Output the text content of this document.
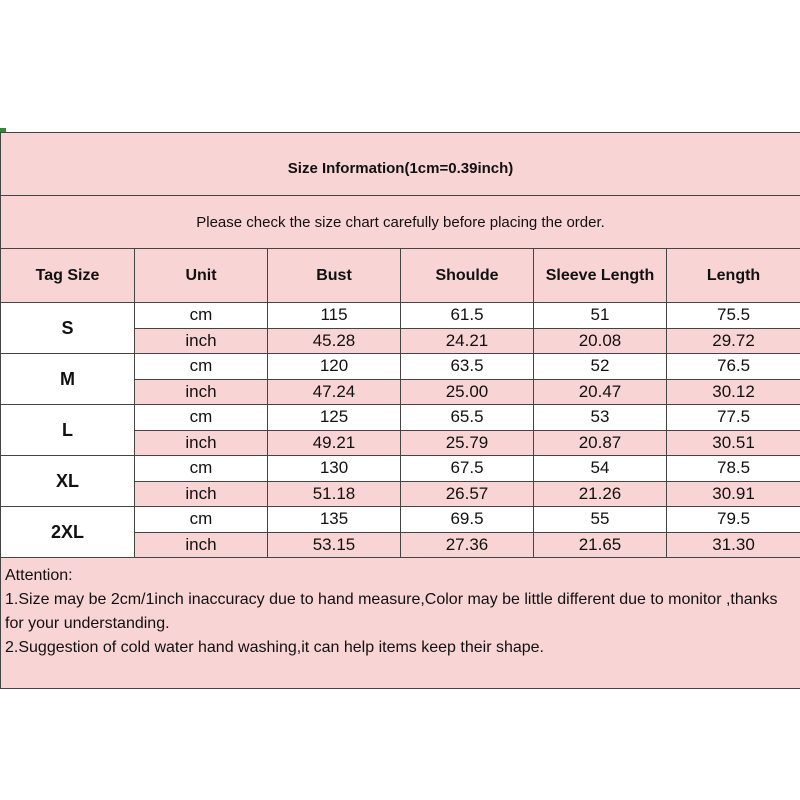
Size Information(1cm=0.39inch)					
Please check the size chart carefully before placing the order.					
Tag Size	Unit	Bust	Shoulde	Sleeve Length	Length
S	cm	115	61.5	51	75.5
	inch	45.28	24.21	20.08	29.72
M	cm	120	63.5	52	76.5
	inch	47.24	25.00	20.47	30.12
L	cm	125	65.5	53	77.5
	inch	49.21	25.79	20.87	30.51
XL	cm	130	67.5	54	78.5
	inch	51.18	26.57	21.26	30.91
2XL	cm	135	69.5	55	79.5
	inch	53.15	27.36	21.65	31.30

Attention:
1.Size may be 2cm/1inch inaccuracy due to hand measure,Color may be little different due to monitor ,thanks for your understanding.
2.Suggestion of cold water hand washing,it can help items keep their shape.					
